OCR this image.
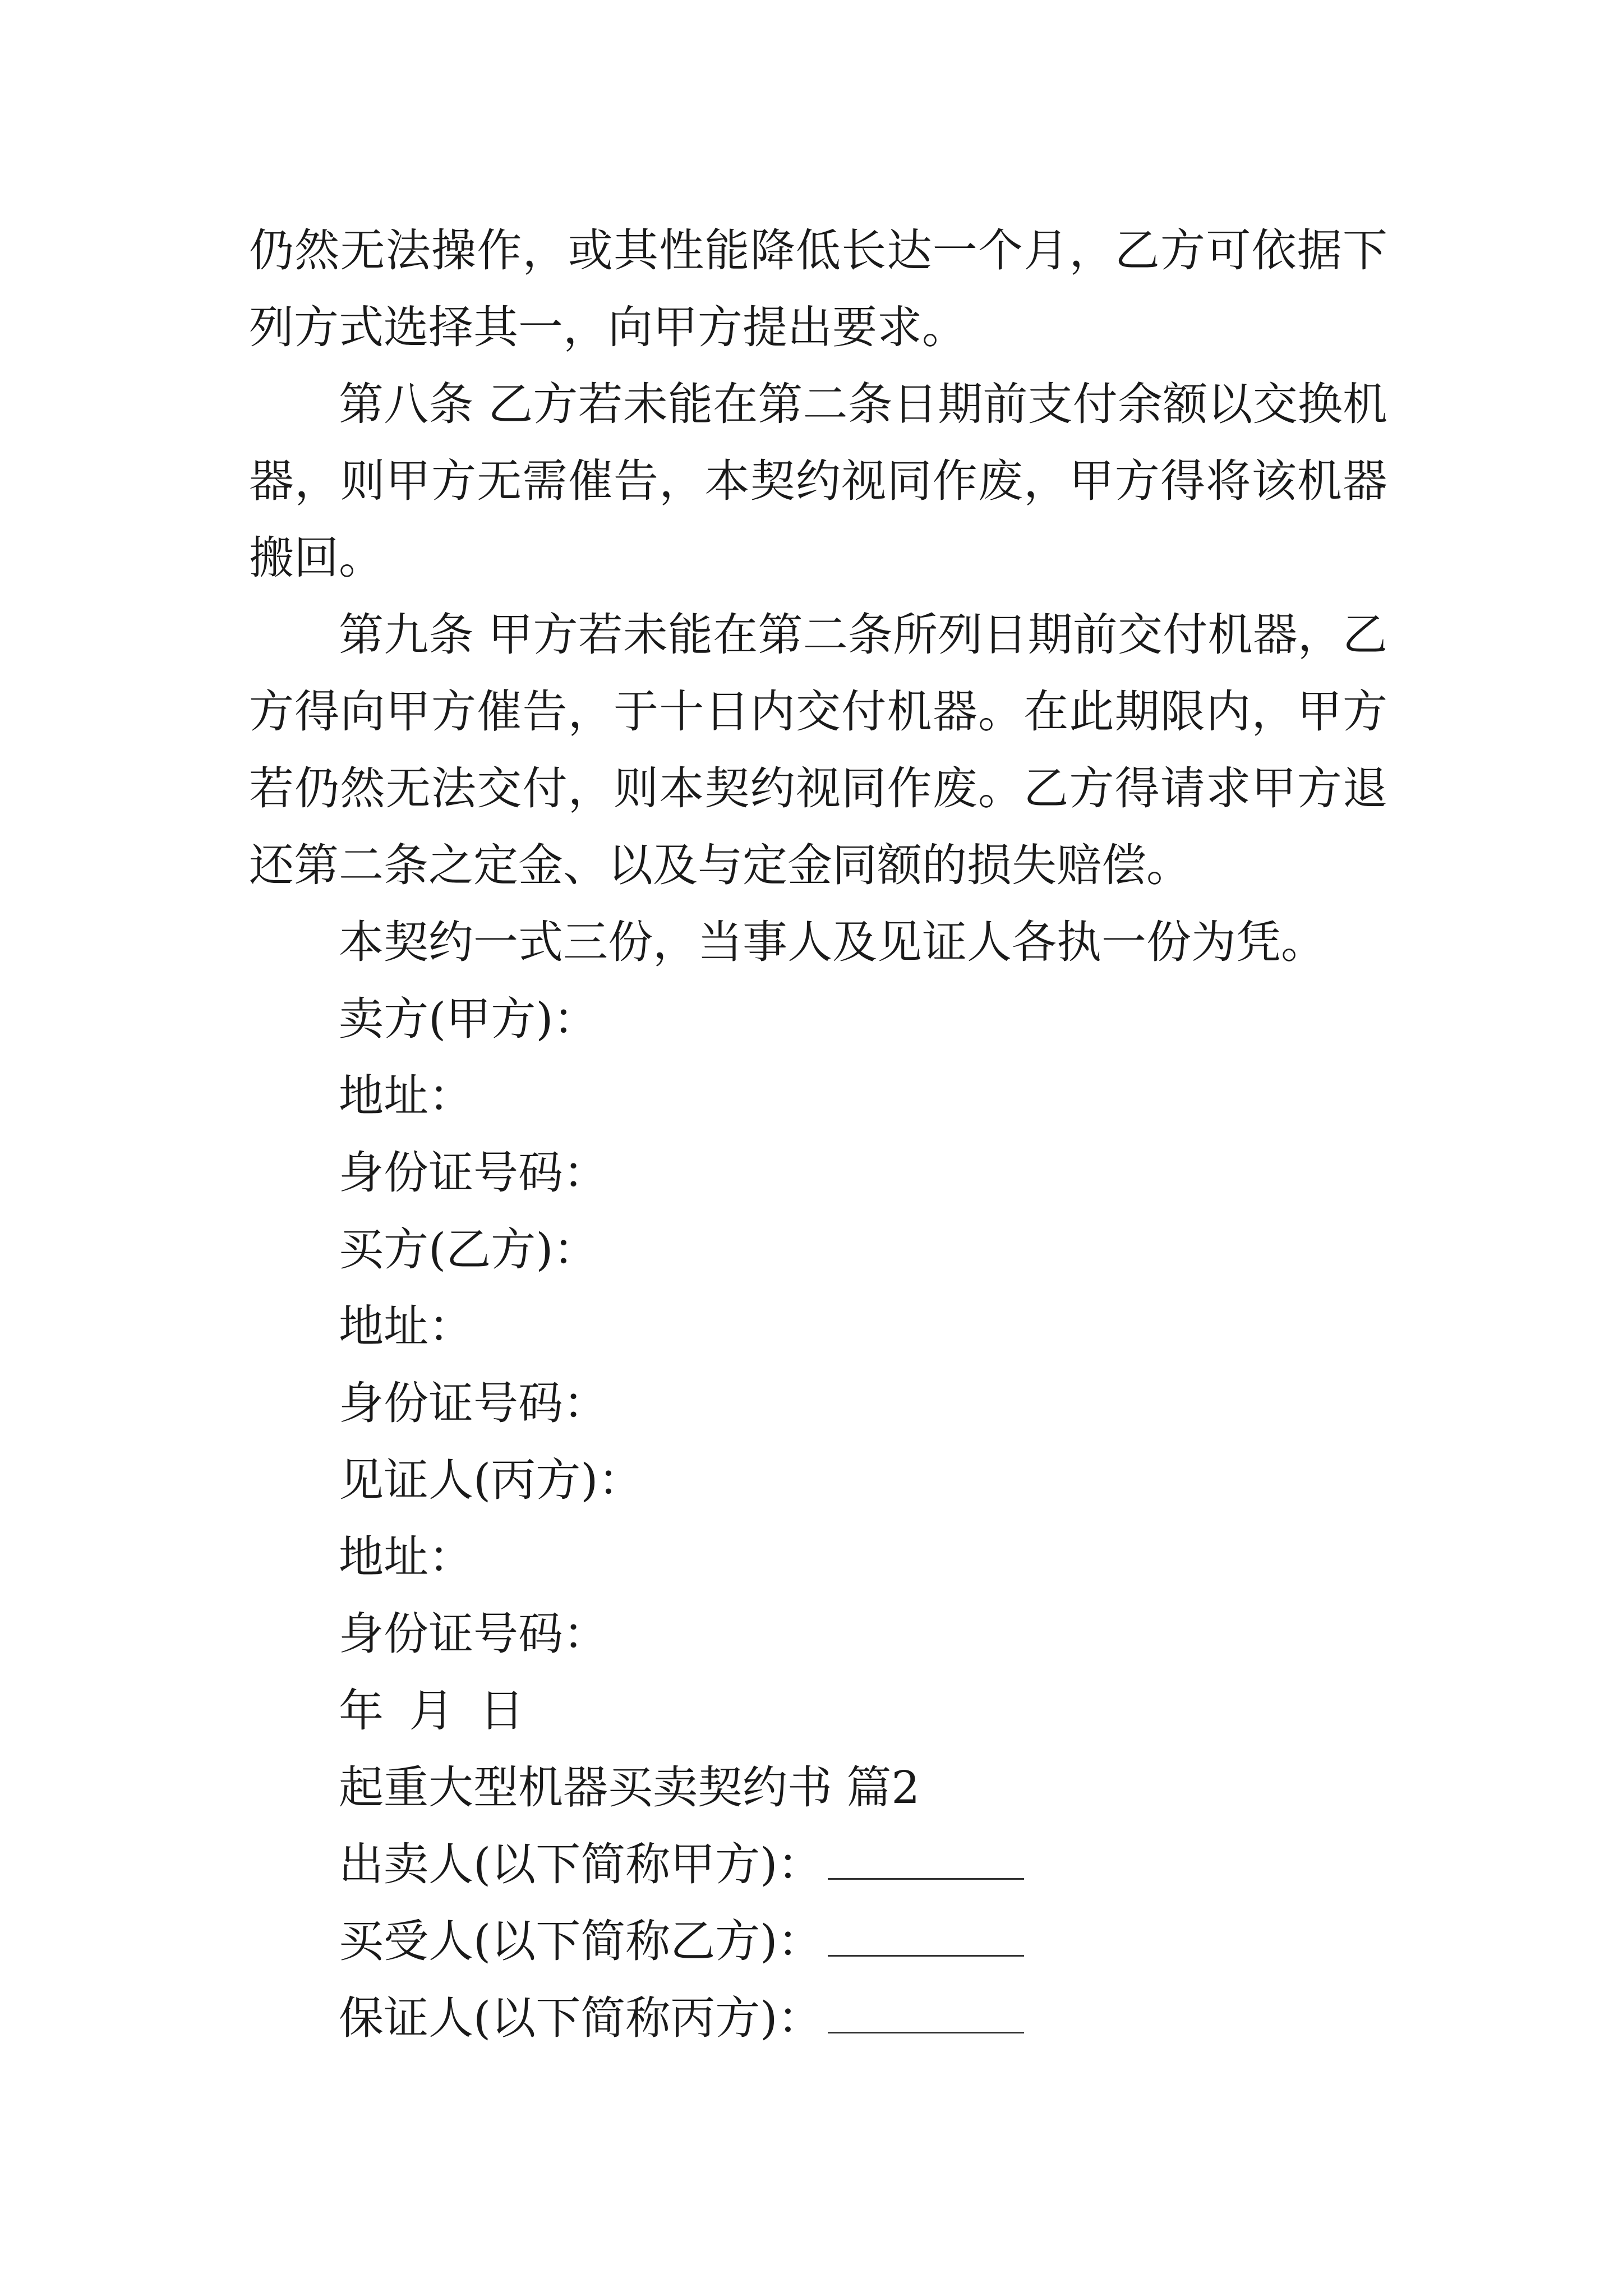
仍然无法操作，或其性能降低长达一个月，乙方可依据下列方式选择其一，向甲方提出要求。

第八条 乙方若未能在第二条日期前支付余额以交换机器，则甲方无需催告，本契约视同作废，甲方得将该机器搬回。

第九条 甲方若未能在第二条所列日期前交付机器，乙方得向甲方催告，于十日内交付机器。在此期限内，甲方若仍然无法交付，则本契约视同作废。乙方得请求甲方退还第二条之定金、以及与定金同额的损失赔偿。

本契约一式三份，当事人及见证人各执一份为凭。

卖方(甲方)：

地址：

身份证号码：

买方(乙方)：

地址：

身份证号码：

见证人(丙方)：

地址：

身份证号码：

年 月 日

起重大型机器买卖契约书 篇2

出卖人(以下简称甲方)：

买受人(以下简称乙方)：

保证人(以下简称丙方)：
